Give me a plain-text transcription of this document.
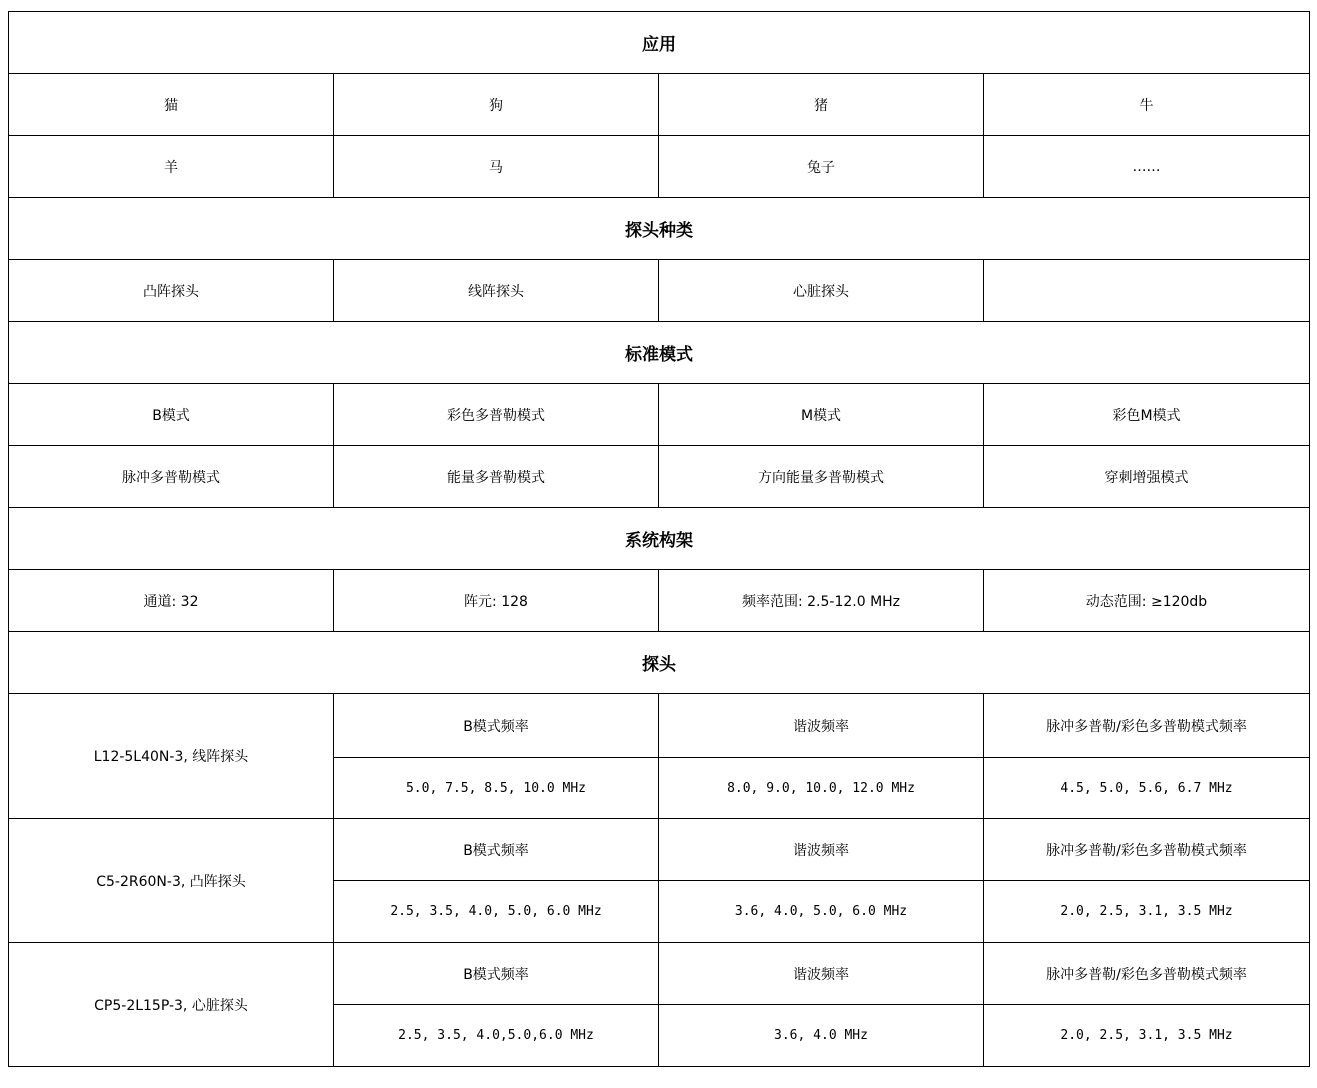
应用			
猫	狗	猪	牛
羊	马	兔子	……
探头种类			
凸阵探头	线阵探头	心脏探头	
标准模式			
B模式	彩色多普勒模式	M模式	彩色M模式
脉冲多普勒模式	能量多普勒模式	方向能量多普勒模式	穿刺增强模式
系统构架			
通道: 32	阵元: 128	频率范围: 2.5-12.0 MHz	动态范围: ≥120db
探头			
L12-5L40N-3, 线阵探头	B模式频率	谐波频率	脉冲多普勒/彩色多普勒模式频率
	5.0, 7.5, 8.5, 10.0 MHz	8.0, 9.0, 10.0, 12.0 MHz	4.5, 5.0, 5.6, 6.7 MHz
C5-2R60N-3, 凸阵探头	B模式频率	谐波频率	脉冲多普勒/彩色多普勒模式频率
	2.5, 3.5, 4.0, 5.0, 6.0 MHz	3.6, 4.0, 5.0, 6.0 MHz	2.0, 2.5, 3.1, 3.5 MHz
CP5-2L15P-3, 心脏探头	B模式频率	谐波频率	脉冲多普勒/彩色多普勒模式频率
	2.5, 3.5, 4.0,5.0,6.0 MHz	3.6, 4.0 MHz	2.0, 2.5, 3.1, 3.5 MHz
